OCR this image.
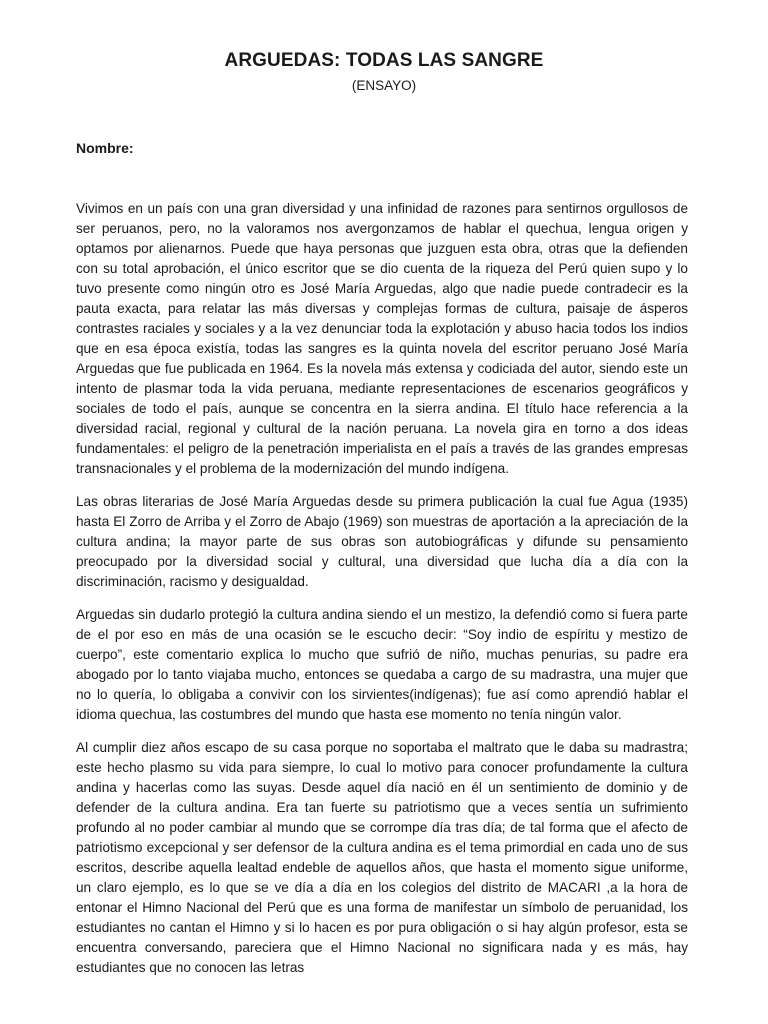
ARGUEDAS: TODAS LAS SANGRE
(ENSAYO)
Nombre:

Vivimos en un país con una gran diversidad y una infinidad de razones para sentirnos orgullosos de ser peruanos, pero, no la valoramos nos avergonzamos de hablar el quechua, lengua origen y optamos por alienarnos. Puede que haya personas que juzguen esta obra, otras que la defienden con su total aprobación, el único escritor que se dio cuenta de la riqueza del Perú quien supo y lo tuvo presente como ningún otro es José María Arguedas, algo que nadie puede contradecir es la pauta exacta, para relatar las más diversas y complejas formas de cultura, paisaje de ásperos contrastes raciales y sociales y a la vez denunciar toda la explotación y abuso hacia todos los indios que en esa época existía, todas las sangres es la quinta novela del escritor peruano José María Arguedas que fue publicada en 1964. Es la novela más extensa y codiciada del autor, siendo este un intento de plasmar toda la vida peruana, mediante representaciones de escenarios geográficos y sociales de todo el país, aunque se concentra en la sierra andina. El título hace referencia a la diversidad racial, regional y cultural de la nación peruana. La novela gira en torno a dos ideas fundamentales: el peligro de la penetración imperialista en el país a través de las grandes empresas transnacionales y el problema de la modernización del mundo indígena.

Las obras literarias de José María Arguedas desde su primera publicación la cual fue Agua (1935) hasta El Zorro de Arriba y el Zorro de Abajo (1969) son muestras de aportación a la apreciación de la cultura andina; la mayor parte de sus obras son autobiográficas y difunde su pensamiento preocupado por la diversidad social y cultural, una diversidad que lucha día a día con la discriminación, racismo y desigualdad.

Arguedas sin dudarlo protegió la cultura andina siendo el un mestizo, la defendió como si fuera parte de el por eso en más de una ocasión se le escucho decir: “Soy indio de espíritu y mestizo de cuerpo”, este comentario explica lo mucho que sufrió de niño, muchas penurias, su padre era abogado por lo tanto viajaba mucho, entonces se quedaba a cargo de su madrastra, una mujer que no lo quería, lo obligaba a convivir con los sirvientes(indígenas); fue así como aprendió hablar el idioma quechua, las costumbres del mundo que hasta ese momento no tenía ningún valor.

Al cumplir diez años escapo de su casa porque no soportaba el maltrato que le daba su madrastra; este hecho plasmo su vida para siempre, lo cual lo motivo para conocer profundamente la cultura andina y hacerlas como las suyas. Desde aquel día nació en él un sentimiento de dominio y de defender de la cultura andina. Era tan fuerte su patriotismo que a veces sentía un sufrimiento profundo al no poder cambiar al mundo que se corrompe día tras día; de tal forma que el afecto de patriotismo excepcional y ser defensor de la cultura andina es el tema primordial en cada uno de sus escritos, describe aquella lealtad endeble de aquellos años, que hasta el momento sigue uniforme, un claro ejemplo, es lo que se ve día a día en los colegios del distrito de MACARI ,a la hora de entonar el Himno Nacional del Perú que es una forma de manifestar un símbolo de peruanidad, los estudiantes no cantan el Himno y si lo hacen es por pura obligación o si hay algún profesor, esta se encuentra conversando, pareciera que el Himno Nacional no significara nada y es más, hay estudiantes que no conocen las letras
